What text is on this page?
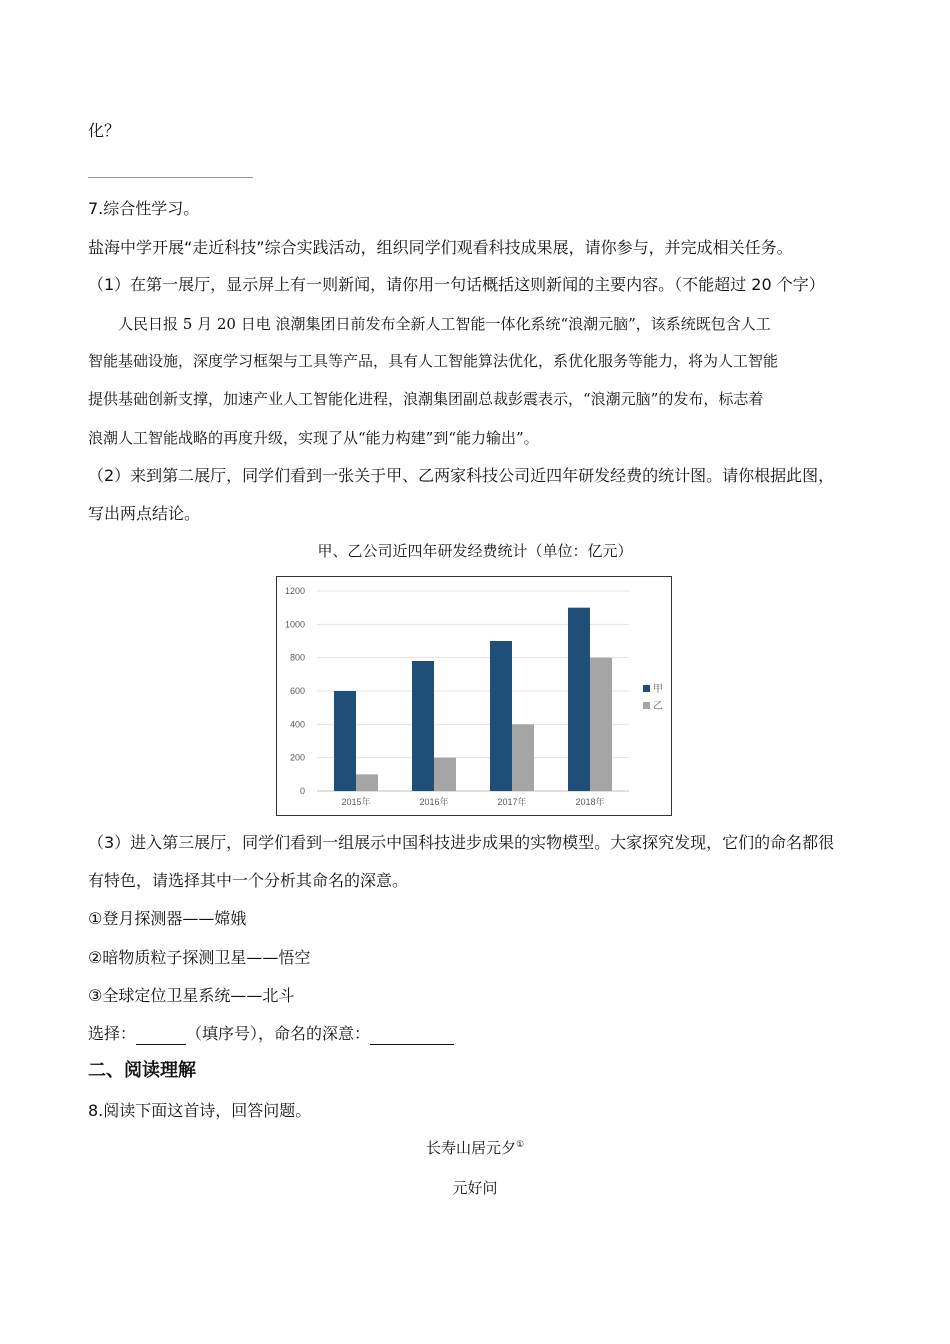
化？
7.综合性学习。
盐海中学开展“走近科技”综合实践活动，组织同学们观看科技成果展，请你参与，并完成相关任务。
（1）在第一展厅，显示屏上有一则新闻，请你用一句话概括这则新闻的主要内容。（不能超过 20 个字）
人民日报 5 月 20 日电 浪潮集团日前发布全新人工智能一体化系统“浪潮元脑”，该系统既包含人工
智能基础设施，深度学习框架与工具等产品，具有人工智能算法优化，系优化服务等能力，将为人工智能
提供基础创新支撑，加速产业人工智能化进程，浪潮集团副总裁彭震表示，“浪潮元脑”的发布，标志着
浪潮人工智能战略的再度升级，实现了从“能力构建”到“能力输出”。
（2）来到第二展厅，同学们看到一张关于甲、乙两家科技公司近四年研发经费的统计图。请你根据此图，
写出两点结论。
甲、乙公司近四年研发经费统计（单位：亿元）
0
200
400
600
800
1000
1200
2015年	2016年	2017年	2018年
甲
乙
（3）进入第三展厅，同学们看到一组展示中国科技进步成果的实物模型。大家探究发现，它们的命名都很
有特色，请选择其中一个分析其命名的深意。
①登月探测器——嫦娥
②暗物质粒子探测卫星——悟空
③全球定位卫星系统——北斗
选择：	（填序号），命名的深意：
二、阅读理解
8.阅读下面这首诗，回答问题。
长寿山居元夕①
元好问
